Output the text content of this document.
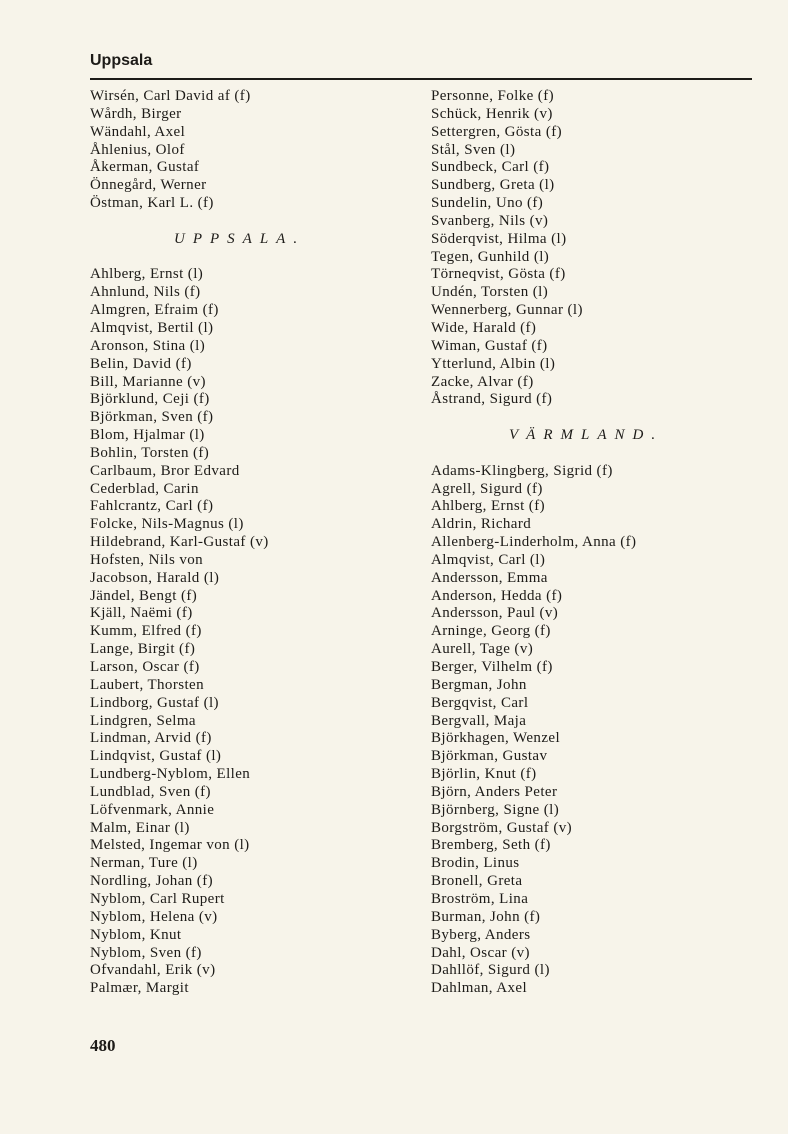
Uppsala
Wirsén, Carl David af (f)
Wårdh, Birger
Wändahl, Axel
Åhlenius, Olof
Åkerman, Gustaf
Önnegård, Werner
Östman, Karl L. (f)
UPPSALA.
Ahlberg, Ernst (l)
Ahnlund, Nils (f)
Almgren, Efraim (f)
Almqvist, Bertil (l)
Aronson, Stina (l)
Belin, David (f)
Bill, Marianne (v)
Björklund, Ceji (f)
Björkman, Sven (f)
Blom, Hjalmar (l)
Bohlin, Torsten (f)
Carlbaum, Bror Edvard
Cederblad, Carin
Fahlcrantz, Carl (f)
Folcke, Nils-Magnus (l)
Hildebrand, Karl-Gustaf (v)
Hofsten, Nils von
Jacobson, Harald (l)
Jändel, Bengt (f)
Kjäll, Naëmi (f)
Kumm, Elfred (f)
Lange, Birgit (f)
Larson, Oscar (f)
Laubert, Thorsten
Lindborg, Gustaf (l)
Lindgren, Selma
Lindman, Arvid (f)
Lindqvist, Gustaf (l)
Lundberg-Nyblom, Ellen
Lundblad, Sven (f)
Löfvenmark, Annie
Malm, Einar (l)
Melsted, Ingemar von (l)
Nerman, Ture (l)
Nordling, Johan (f)
Nyblom, Carl Rupert
Nyblom, Helena (v)
Nyblom, Knut
Nyblom, Sven (f)
Ofvandahl, Erik (v)
Palmær, Margit
Personne, Folke (f)
Schück, Henrik (v)
Settergren, Gösta (f)
Stål, Sven (l)
Sundbeck, Carl (f)
Sundberg, Greta (l)
Sundelin, Uno (f)
Svanberg, Nils (v)
Söderqvist, Hilma (l)
Tegen, Gunhild (l)
Törneqvist, Gösta (f)
Undén, Torsten (l)
Wennerberg, Gunnar (l)
Wide, Harald (f)
Wiman, Gustaf (f)
Ytterlund, Albin (l)
Zacke, Alvar (f)
Åstrand, Sigurd (f)
VÄRMLAND.
Adams-Klingberg, Sigrid (f)
Agrell, Sigurd (f)
Ahlberg, Ernst (f)
Aldrin, Richard
Allenberg-Linderholm, Anna (f)
Almqvist, Carl (l)
Andersson, Emma
Anderson, Hedda (f)
Andersson, Paul (v)
Arninge, Georg (f)
Aurell, Tage (v)
Berger, Vilhelm (f)
Bergman, John
Bergqvist, Carl
Bergvall, Maja
Björkhagen, Wenzel
Björkman, Gustav
Björlin, Knut (f)
Björn, Anders Peter
Björnberg, Signe (l)
Borgström, Gustaf (v)
Bremberg, Seth (f)
Brodin, Linus
Bronell, Greta
Broström, Lina
Burman, John (f)
Byberg, Anders
Dahl, Oscar (v)
Dahllöf, Sigurd (l)
Dahlman, Axel
480
